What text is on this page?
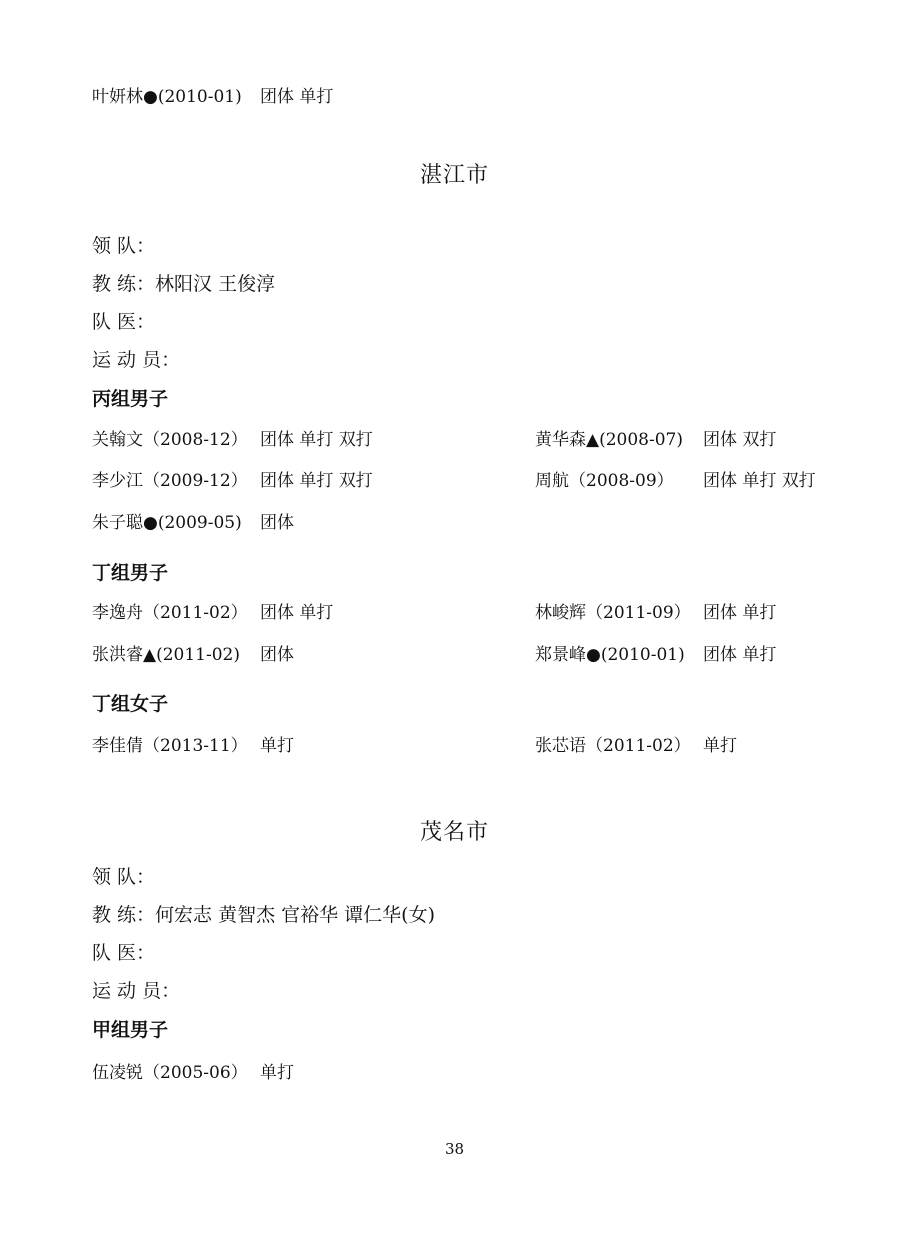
叶妍林●(2010-01) 团体 单打
湛江市
领 队：
教 练：林阳汉 王俊淳
队 医：
运 动 员：
丙组男子
关翰文（2008-12） 团体 单打 双打	黄华森▲(2008-07) 团体 双打
李少江（2009-12） 团体 单打 双打	周航（2008-09） 团体 单打 双打
朱子聪●(2009-05) 团体
丁组男子
李逸舟（2011-02） 团体 单打	林峻辉（2011-09） 团体 单打
张洪睿▲(2011-02) 团体	郑景峰●(2010-01) 团体 单打
丁组女子
李佳倩（2013-11） 单打	张芯语（2011-02） 单打
茂名市
领 队：
教 练：何宏志 黄智杰 官裕华 谭仁华(女)
队 医：
运 动 员：
甲组男子
伍凌锐（2005-06） 单打
38
